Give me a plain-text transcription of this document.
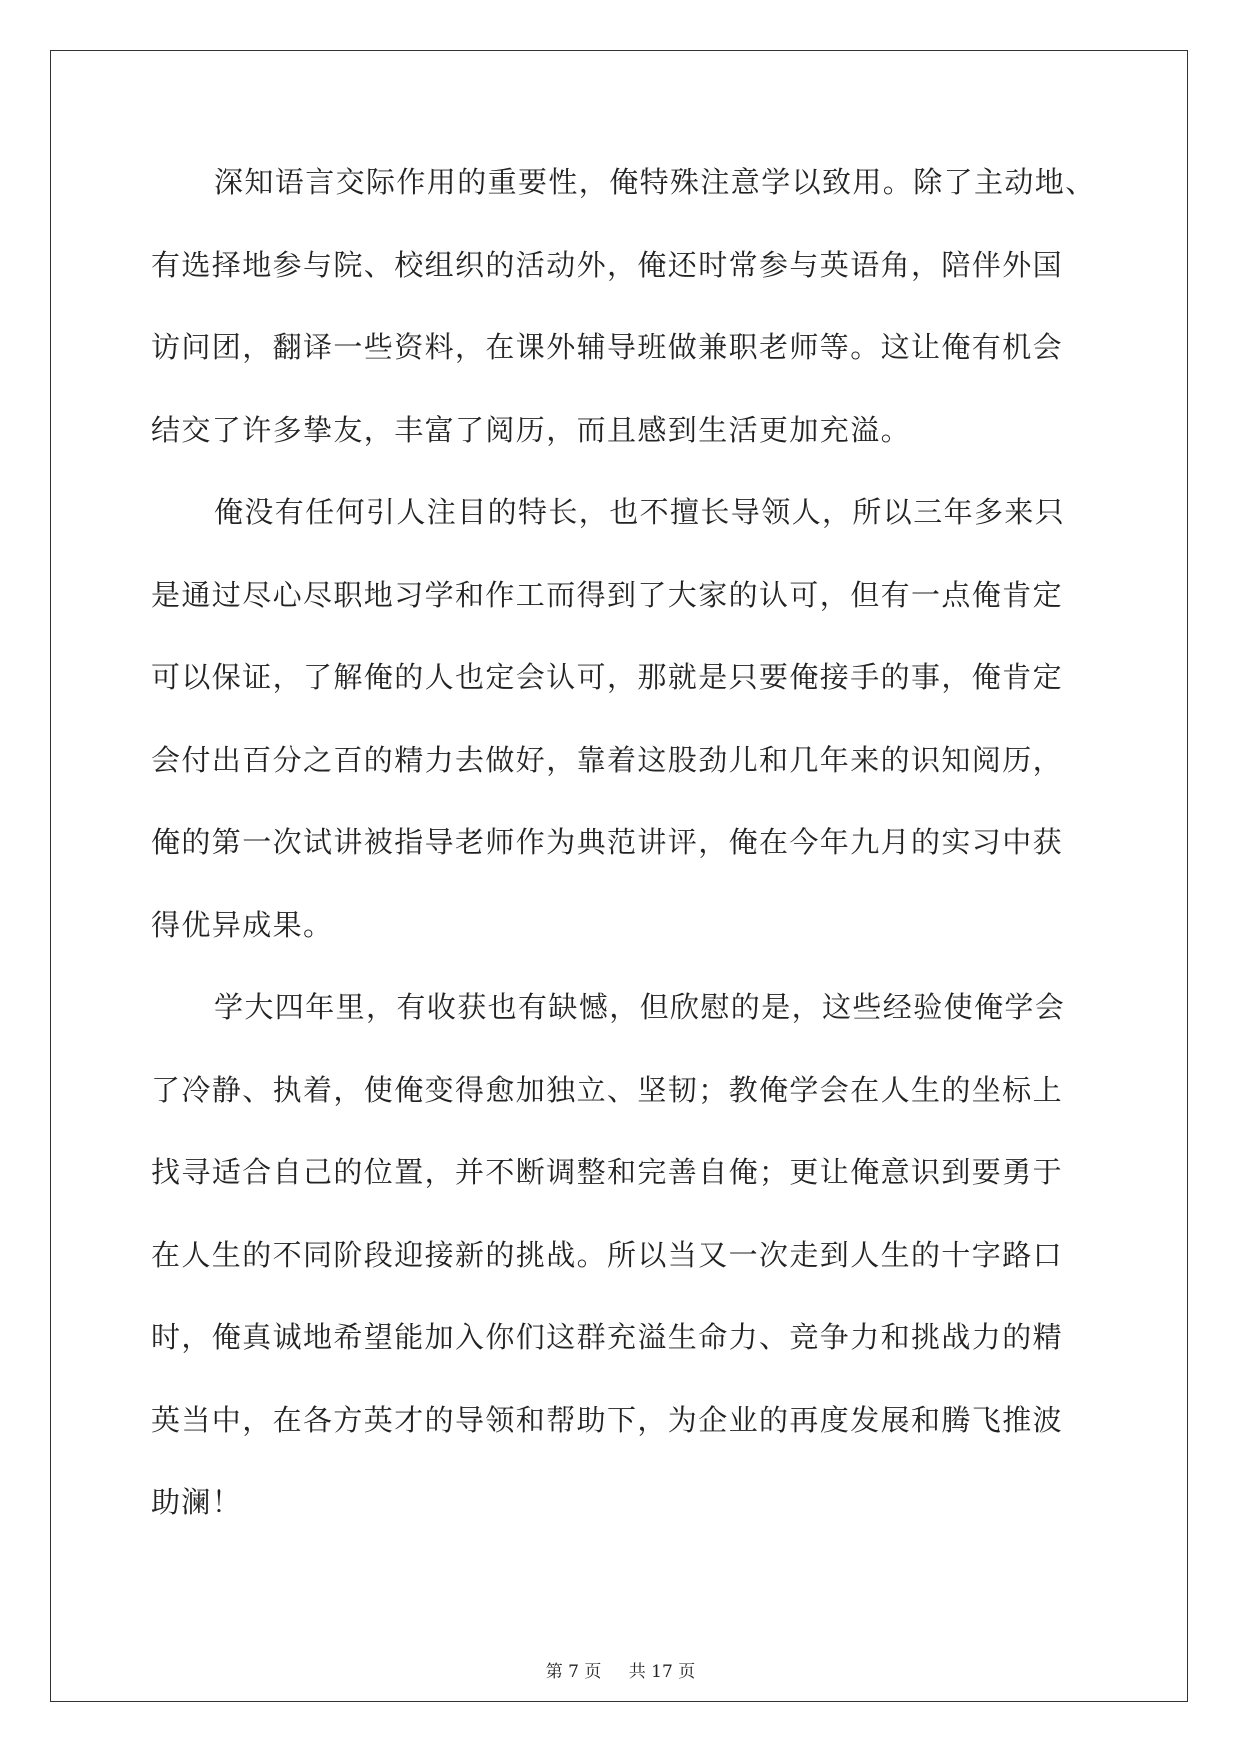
深知语言交际作用的重要性，俺特殊注意学以致用。除了主动地、
有选择地参与院、校组织的活动外，俺还时常参与英语角，陪伴外国
访问团，翻译一些资料，在课外辅导班做兼职老师等。这让俺有机会
结交了许多挚友，丰富了阅历，而且感到生活更加充溢。
俺没有任何引人注目的特长，也不擅长导领人，所以三年多来只
是通过尽心尽职地习学和作工而得到了大家的认可，但有一点俺肯定
可以保证，了解俺的人也定会认可，那就是只要俺接手的事，俺肯定
会付出百分之百的精力去做好，靠着这股劲儿和几年来的识知阅历，
俺的第一次试讲被指导老师作为典范讲评，俺在今年九月的实习中获
得优异成果。
学大四年里，有收获也有缺憾，但欣慰的是，这些经验使俺学会
了冷静、执着，使俺变得愈加独立、坚韧；教俺学会在人生的坐标上
找寻适合自己的位置，并不断调整和完善自俺；更让俺意识到要勇于
在人生的不同阶段迎接新的挑战。所以当又一次走到人生的十字路口
时，俺真诚地希望能加入你们这群充溢生命力、竞争力和挑战力的精
英当中，在各方英才的导领和帮助下，为企业的再度发展和腾飞推波
助澜！
第 7 页 共 17 页
